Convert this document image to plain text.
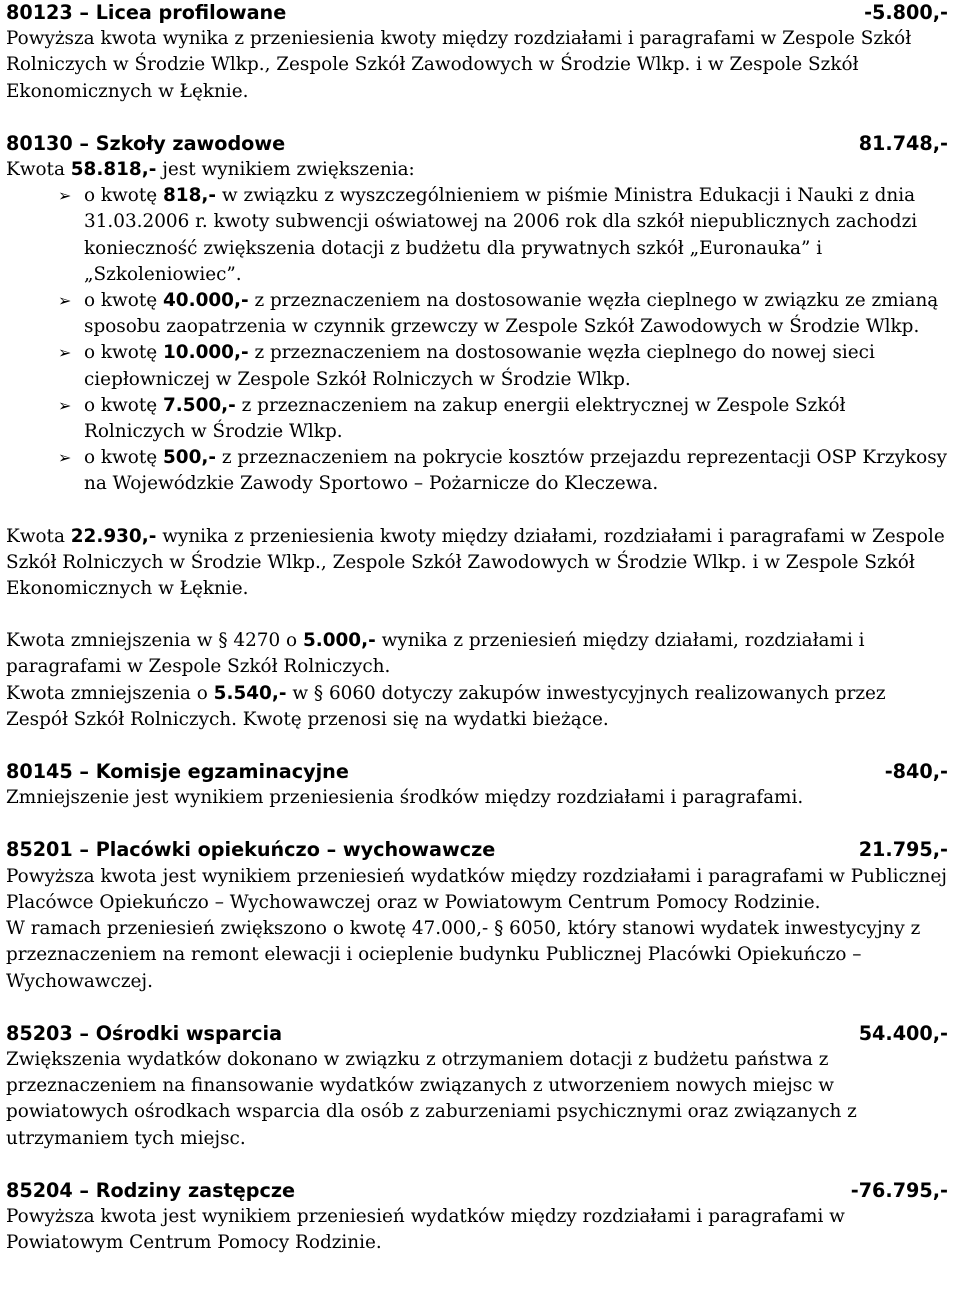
80123 – Licea profilowane	-5.800,-

Powyższa kwota wynika z przeniesienia kwoty między rozdziałami i paragrafami w Zespole Szkół Rolniczych w Środzie Wlkp., Zespole Szkół Zawodowych w Środzie Wlkp. i w Zespole Szkół Ekonomicznych w Łęknie.

80130 – Szkoły zawodowe	81.748,-

Kwota 58.818,- jest wynikiem zwiększenia:

➢ o kwotę 818,- w związku z wyszczególnieniem w piśmie Ministra Edukacji i Nauki z dnia 31.03.2006 r. kwoty subwencji oświatowej na 2006 rok dla szkół niepublicznych zachodzi konieczność zwiększenia dotacji z budżetu dla prywatnych szkół „Euronauka” i „Szkoleniowiec”.
➢ o kwotę 40.000,- z przeznaczeniem na dostosowanie węzła cieplnego w związku ze zmianą sposobu zaopatrzenia w czynnik grzewczy w Zespole Szkół Zawodowych w Środzie Wlkp.
➢ o kwotę 10.000,- z przeznaczeniem na dostosowanie węzła cieplnego do nowej sieci ciepłowniczej w Zespole Szkół Rolniczych w Środzie Wlkp.
➢ o kwotę 7.500,- z przeznaczeniem na zakup energii elektrycznej w Zespole Szkół Rolniczych w Środzie Wlkp.
➢ o kwotę 500,- z przeznaczeniem na pokrycie kosztów przejazdu reprezentacji OSP Krzykosy na Wojewódzkie Zawody Sportowo – Pożarnicze do Kleczewa.

Kwota 22.930,- wynika z przeniesienia kwoty między działami, rozdziałami i paragrafami w Zespole Szkół Rolniczych w Środzie Wlkp., Zespole Szkół Zawodowych w Środzie Wlkp. i w Zespole Szkół Ekonomicznych w Łęknie.

Kwota zmniejszenia w § 4270 o 5.000,- wynika z przeniesień między działami, rozdziałami i paragrafami w Zespole Szkół Rolniczych.

Kwota zmniejszenia o 5.540,- w § 6060 dotyczy zakupów inwestycyjnych realizowanych przez Zespół Szkół Rolniczych. Kwotę przenosi się na wydatki bieżące.

80145 – Komisje egzaminacyjne	-840,-

Zmniejszenie jest wynikiem przeniesienia środków między rozdziałami i paragrafami.

85201 – Placówki opiekuńczo – wychowawcze	21.795,-

Powyższa kwota jest wynikiem przeniesień wydatków między rozdziałami i paragrafami w Publicznej Placówce Opiekuńczo – Wychowawczej oraz w Powiatowym Centrum Pomocy Rodzinie.

W ramach przeniesień zwiększono o kwotę 47.000,- § 6050, który stanowi wydatek inwestycyjny z przeznaczeniem na remont elewacji i ocieplenie budynku Publicznej Placówki Opiekuńczo – Wychowawczej.

85203 – Ośrodki wsparcia	54.400,-

Zwiększenia wydatków dokonano w związku z otrzymaniem dotacji z budżetu państwa z przeznaczeniem na finansowanie wydatków związanych z utworzeniem nowych miejsc w powiatowych ośrodkach wsparcia dla osób z zaburzeniami psychicznymi oraz związanych z utrzymaniem tych miejsc.

85204 – Rodziny zastępcze	-76.795,-

Powyższa kwota jest wynikiem przeniesień wydatków między rozdziałami i paragrafami w Powiatowym Centrum Pomocy Rodzinie.
